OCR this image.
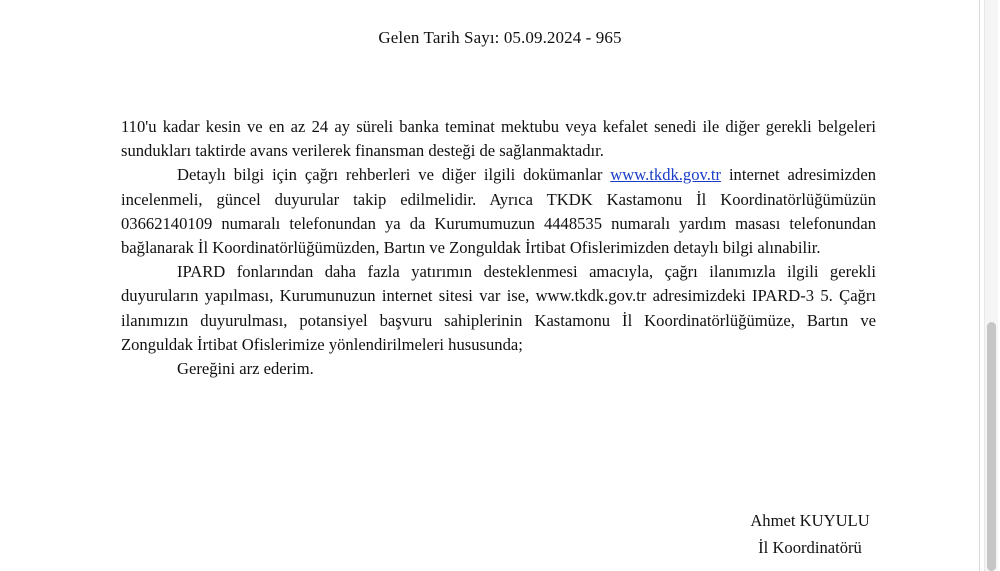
Gelen Tarih Sayı: 05.09.2024 - 965

110'u kadar kesin ve en az 24 ay süreli banka teminat mektubu veya kefalet senedi ile diğer gerekli belgeleri sundukları taktirde avans verilerek finansman desteği de sağlanmaktadır.

Detaylı bilgi için çağrı rehberleri ve diğer ilgili dokümanlar www.tkdk.gov.tr internet adresimizden incelenmeli, güncel duyurular takip edilmelidir. Ayrıca TKDK Kastamonu İl Koordinatörlüğümüzün 03662140109 numaralı telefonundan ya da Kurumumuzun 4448535 numaralı yardım masası telefonundan bağlanarak İl Koordinatörlüğümüzden, Bartın ve Zonguldak İrtibat Ofislerimizden detaylı bilgi alınabilir.

IPARD fonlarından daha fazla yatırımın desteklenmesi amacıyla, çağrı ilanımızla ilgili gerekli duyuruların yapılması, Kurumunuzun internet sitesi var ise, www.tkdk.gov.tr adresimizdeki IPARD-3 5. Çağrı ilanımızın duyurulması, potansiyel başvuru sahiplerinin Kastamonu İl Koordinatörlüğümüze, Bartın ve Zonguldak İrtibat Ofislerimize yönlendirilmeleri hususunda;

Gereğini arz ederim.

Ahmet KUYULU
İl Koordinatörü
